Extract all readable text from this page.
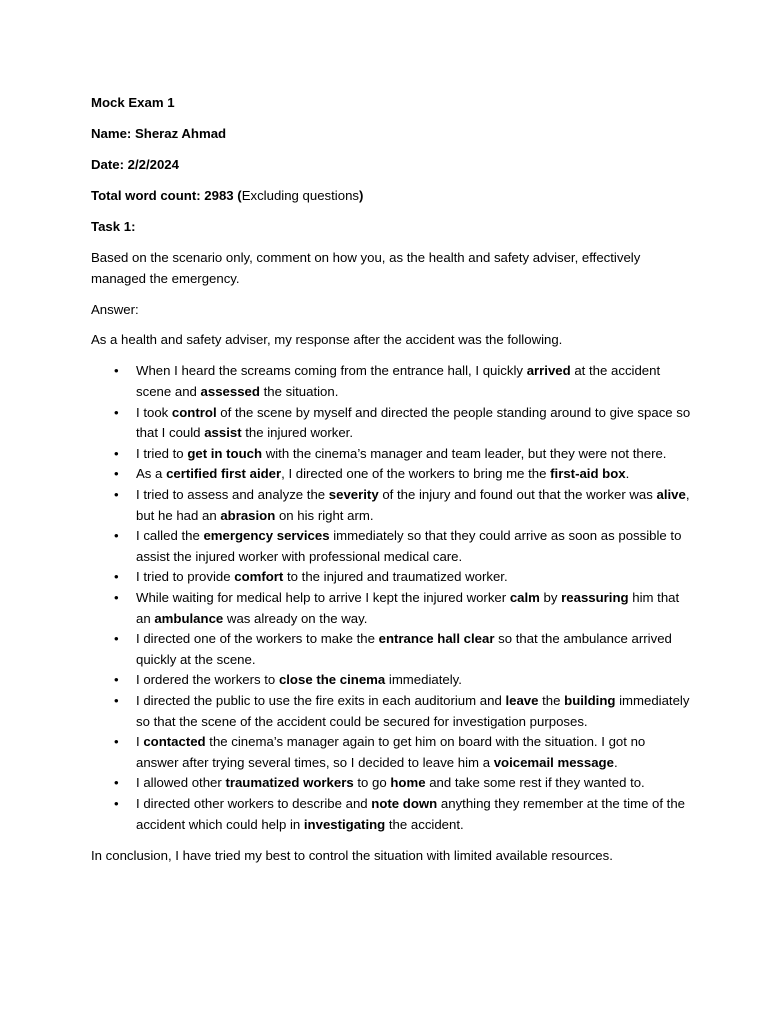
Mock Exam 1

Name: Sheraz Ahmad

Date: 2/2/2024

Total word count: 2983 (Excluding questions)

Task 1:

Based on the scenario only, comment on how you, as the health and safety adviser, effectively managed the emergency.

Answer:

As a health and safety adviser, my response after the accident was the following.

• When I heard the screams coming from the entrance hall, I quickly arrived at the accident scene and assessed the situation.
• I took control of the scene by myself and directed the people standing around to give space so that I could assist the injured worker.
• I tried to get in touch with the cinema’s manager and team leader, but they were not there.
• As a certified first aider, I directed one of the workers to bring me the first-aid box.
• I tried to assess and analyze the severity of the injury and found out that the worker was alive, but he had an abrasion on his right arm.
• I called the emergency services immediately so that they could arrive as soon as possible to assist the injured worker with professional medical care.
• I tried to provide comfort to the injured and traumatized worker.
• While waiting for medical help to arrive I kept the injured worker calm by reassuring him that an ambulance was already on the way.
• I directed one of the workers to make the entrance hall clear so that the ambulance arrived quickly at the scene.
• I ordered the workers to close the cinema immediately.
• I directed the public to use the fire exits in each auditorium and leave the building immediately so that the scene of the accident could be secured for investigation purposes.
• I contacted the cinema’s manager again to get him on board with the situation. I got no answer after trying several times, so I decided to leave him a voicemail message.
• I allowed other traumatized workers to go home and take some rest if they wanted to.
• I directed other workers to describe and note down anything they remember at the time of the accident which could help in investigating the accident.

In conclusion, I have tried my best to control the situation with limited available resources.
